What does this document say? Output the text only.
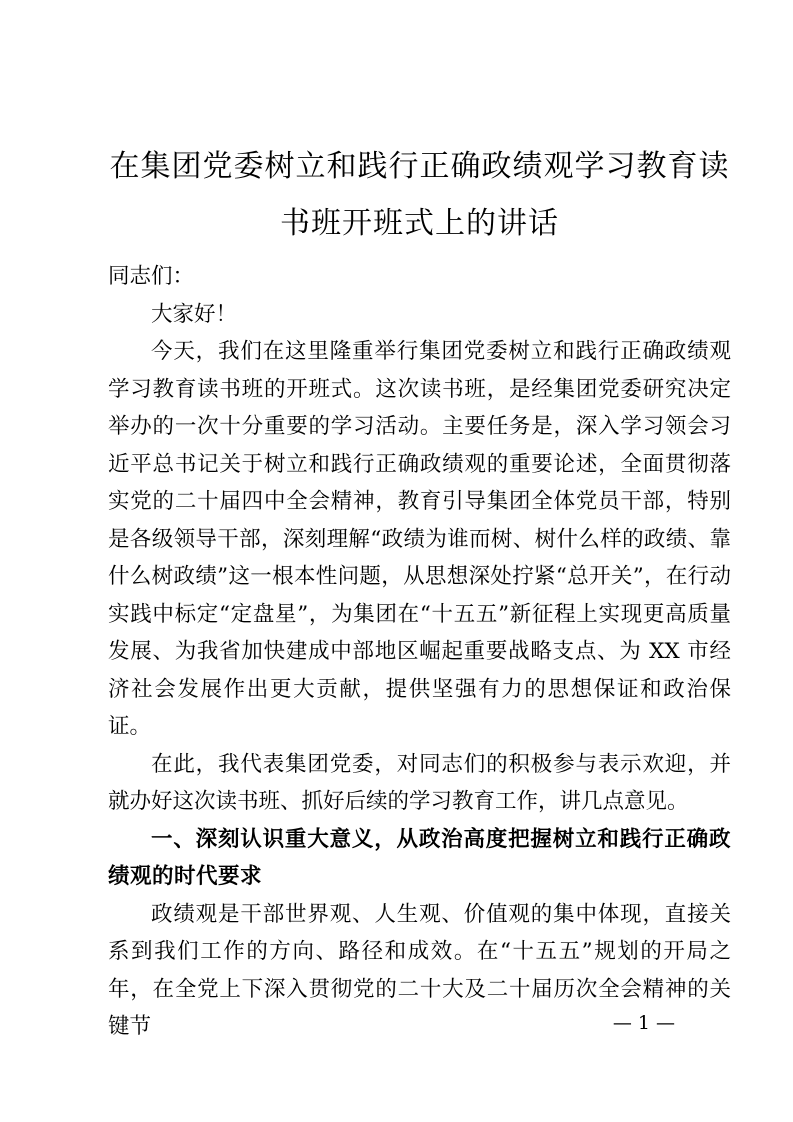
在集团党委树立和践行正确政绩观学习教育读书班开班式上的讲话

同志们：

大家好！

今天，我们在这里隆重举行集团党委树立和践行正确政绩观学习教育读书班的开班式。这次读书班，是经集团党委研究决定举办的一次十分重要的学习活动。主要任务是，深入学习领会习近平总书记关于树立和践行正确政绩观的重要论述，全面贯彻落实党的二十届四中全会精神，教育引导集团全体党员干部，特别是各级领导干部，深刻理解“政绩为谁而树、树什么样的政绩、靠什么树政绩”这一根本性问题，从思想深处拧紧“总开关”，在行动实践中标定“定盘星”，为集团在“十五五”新征程上实现更高质量发展、为我省加快建成中部地区崛起重要战略支点、为 XX 市经济社会发展作出更大贡献，提供坚强有力的思想保证和政治保证。

在此，我代表集团党委，对同志们的积极参与表示欢迎，并就办好这次读书班、抓好后续的学习教育工作，讲几点意见。

一、深刻认识重大意义，从政治高度把握树立和践行正确政绩观的时代要求

政绩观是干部世界观、人生观、价值观的集中体现，直接关系到我们工作的方向、路径和成效。在“十五五”规划的开局之年，在全党上下深入贯彻党的二十大及二十届历次全会精神的关键节	— 1 —
